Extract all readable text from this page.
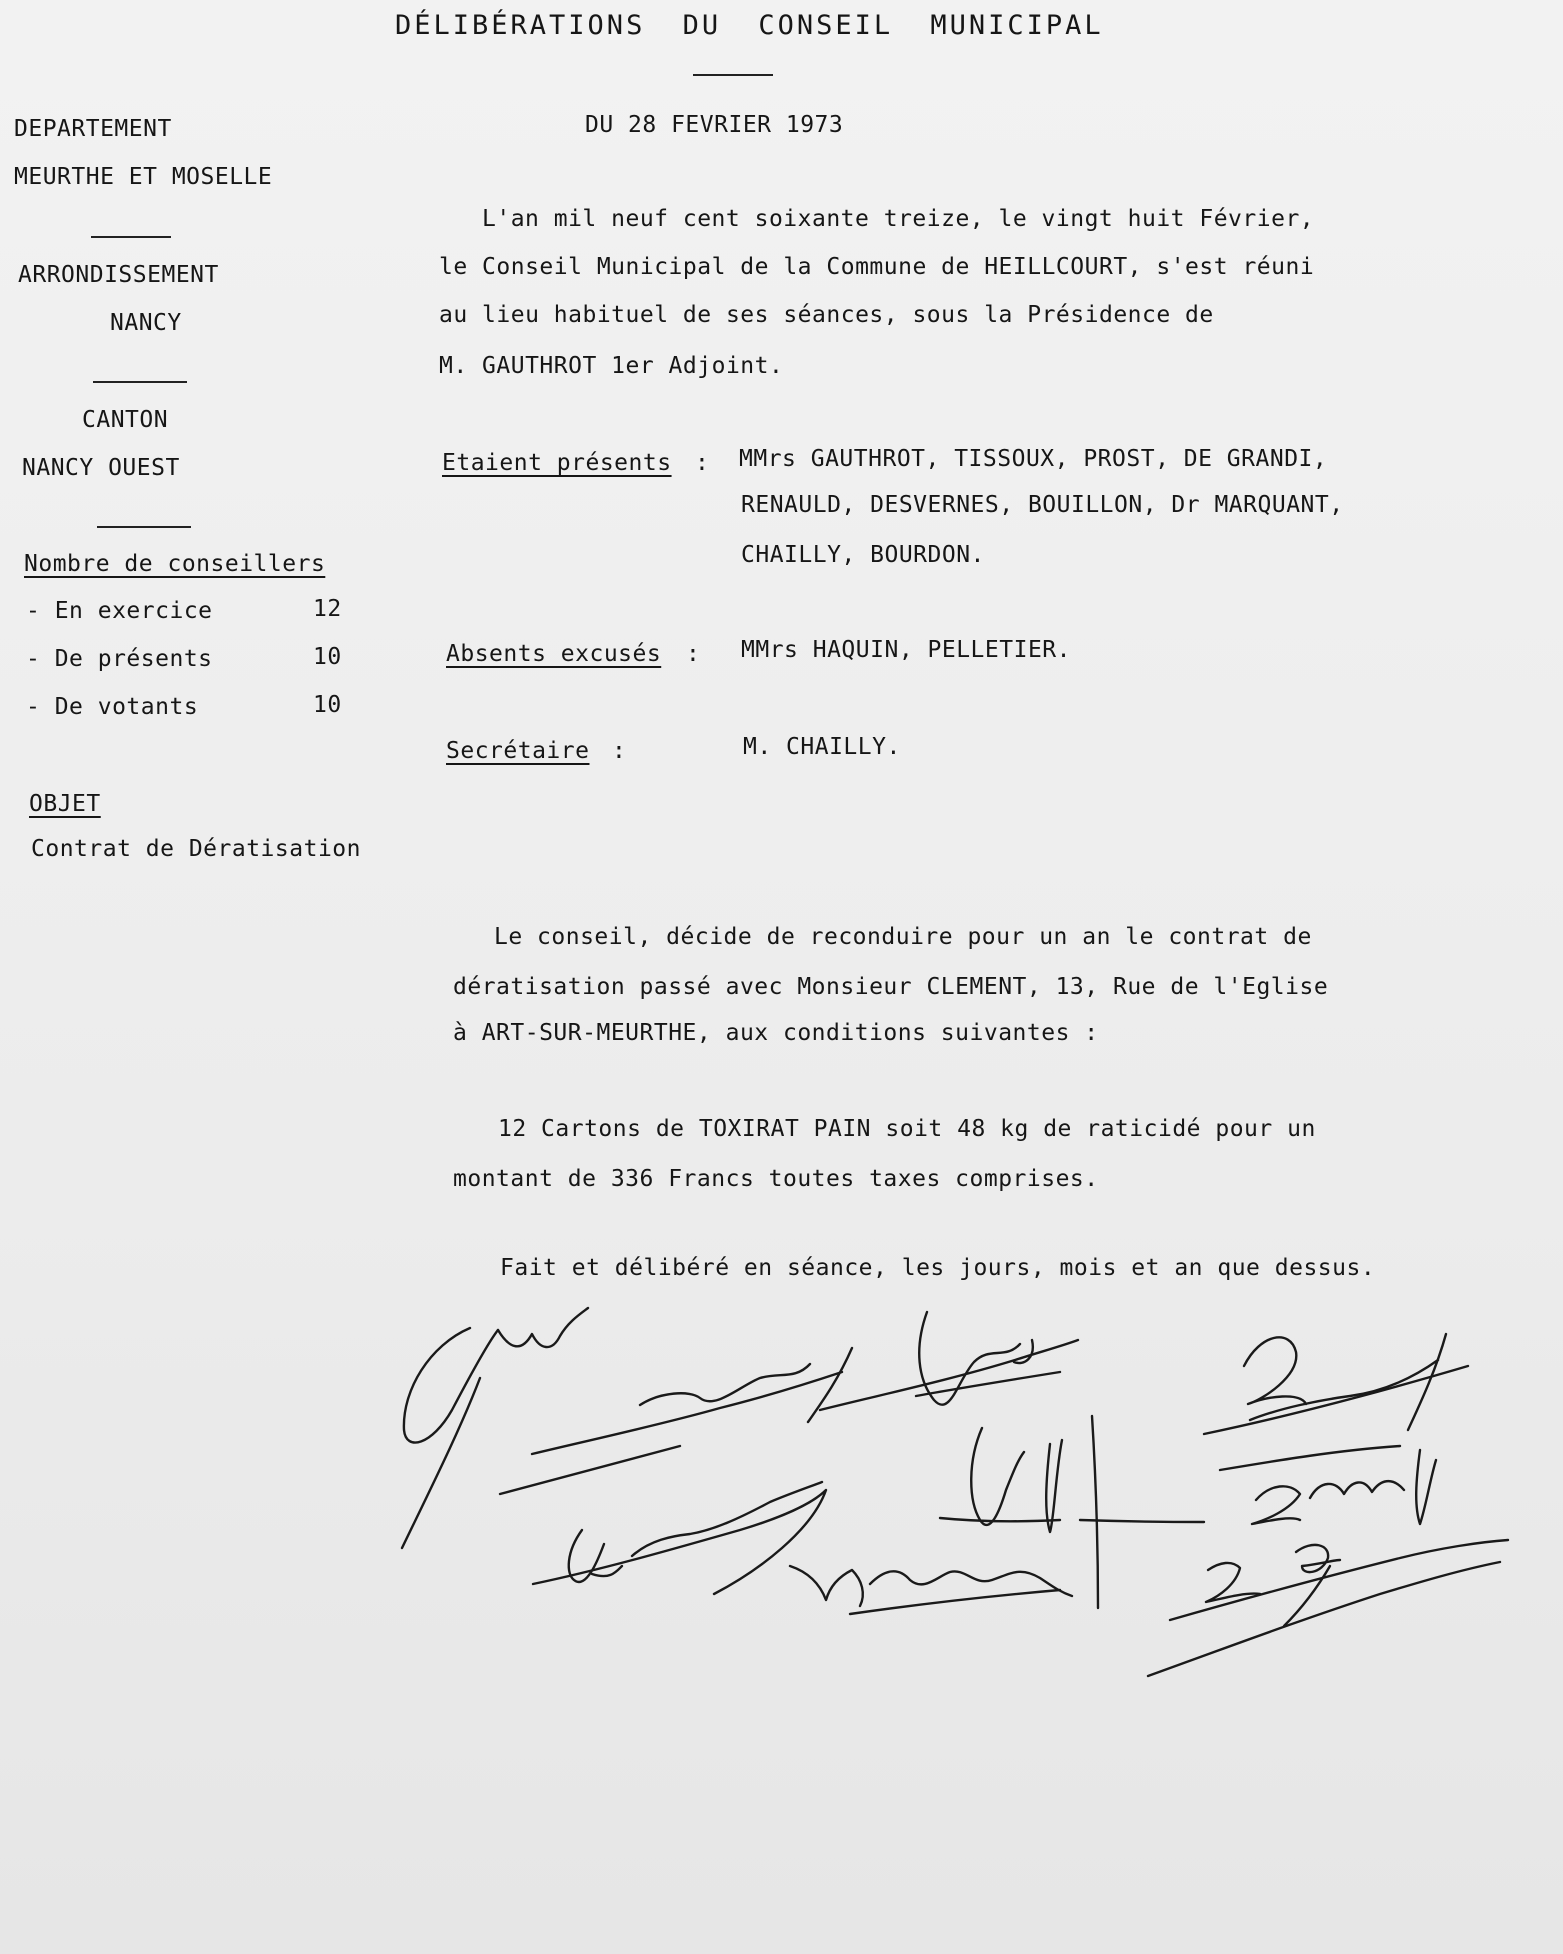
DÉLIBÉRATIONS DU CONSEIL MUNICIPAL
DU 28 FEVRIER 1973
DEPARTEMENT
MEURTHE ET MOSELLE
ARRONDISSEMENT
NANCY
CANTON
NANCY OUEST
Nombre de conseillers
- En exercice	12
- De présents	10
- De votants	10
OBJET
Contrat de Dératisation
L'an mil neuf cent soixante treize, le vingt huit Février,
le Conseil Municipal de la Commune de HEILLCOURT, s'est réuni
au lieu habituel de ses séances, sous la Présidence de
M. GAUTHROT 1er Adjoint.
Etaient présents : MMrs GAUTHROT, TISSOUX, PROST, DE GRANDI,
RENAULD, DESVERNES, BOUILLON, Dr MARQUANT,
CHAILLY, BOURDON.
Absents excusés : MMrs HAQUIN, PELLETIER.
Secrétaire :	M. CHAILLY.
Le conseil, décide de reconduire pour un an le contrat de
dératisation passé avec Monsieur CLEMENT, 13, Rue de l'Eglise
à ART-SUR-MEURTHE, aux conditions suivantes :
12 Cartons de TOXIRAT PAIN soit 48 kg de raticidé pour un
montant de 336 Francs toutes taxes comprises.
Fait et délibéré en séance, les jours, mois et an que dessus.
